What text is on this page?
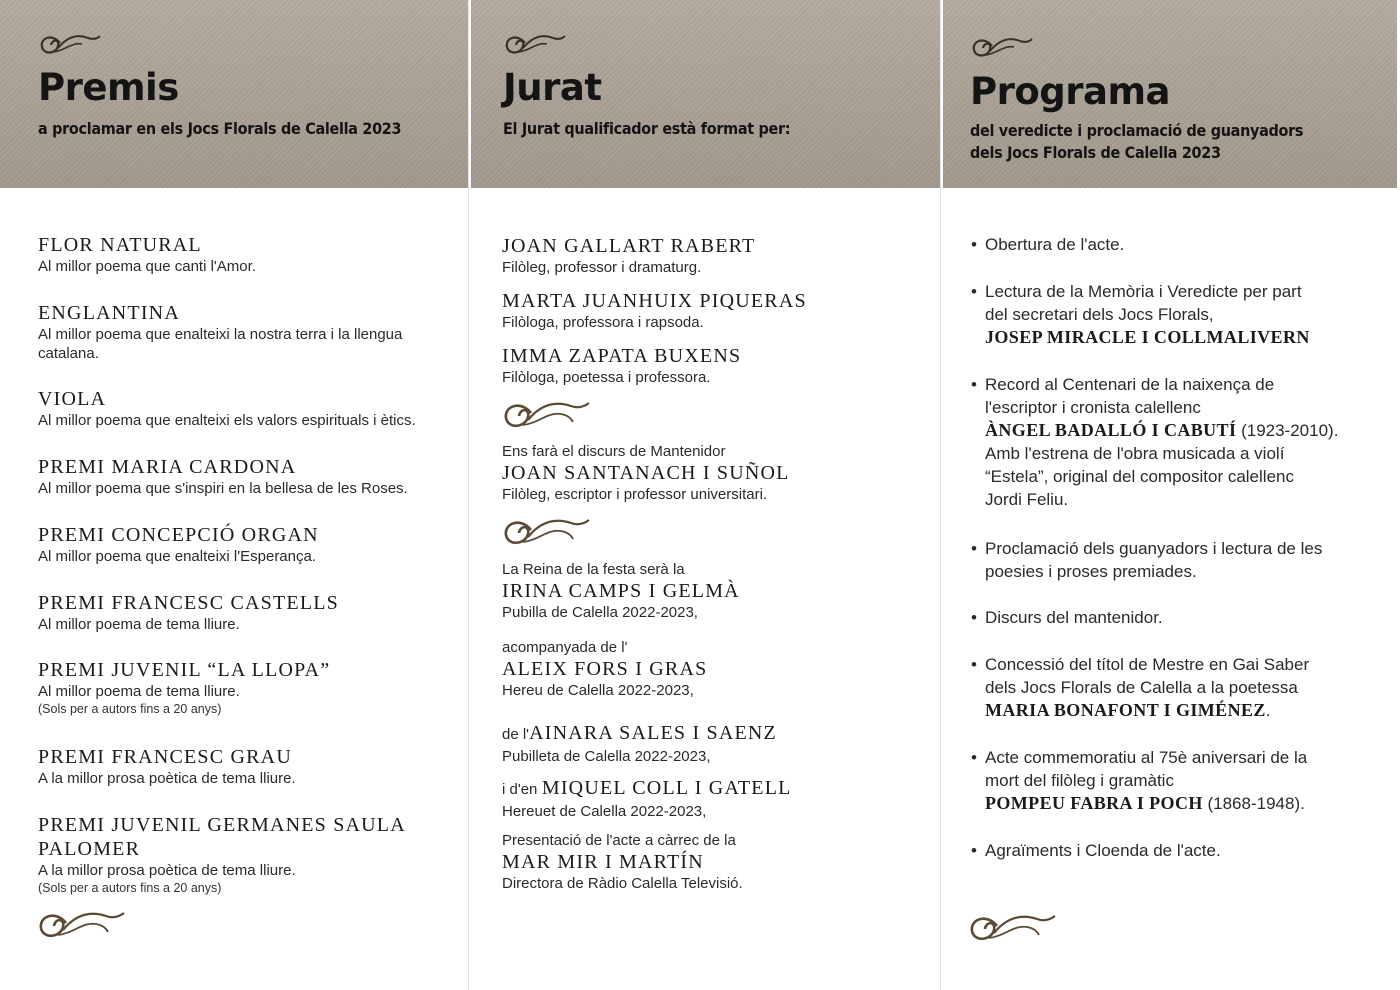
Premis

a proclamar en els Jocs Florals de Calella 2023

FLOR NATURAL
Al millor poema que canti l'Amor.
ENGLANTINA
Al millor poema que enalteixi la nostra terra i la llengua catalana.
VIOLA
Al millor poema que enalteixi els valors espirituals i ètics.
PREMI MARIA CARDONA
Al millor poema que s'inspiri en la bellesa de les Roses.
PREMI CONCEPCIÓ ORGAN
Al millor poema que enalteixi l'Esperança.
PREMI FRANCESC CASTELLS
Al millor poema de tema lliure.
PREMI JUVENIL “LA LLOPA”
Al millor poema de tema lliure.
(Sols per a autors fins a 20 anys)
PREMI FRANCESC GRAU
A la millor prosa poètica de tema lliure.
PREMI JUVENIL GERMANES SAULA PALOMER
A la millor prosa poètica de tema lliure.
(Sols per a autors fins a 20 anys)
Jurat

El Jurat qualificador està format per:

JOAN GALLART RABERT
Filòleg, professor i dramaturg.
MARTA JUANHUIX PIQUERAS
Filòloga, professora i rapsoda.
IMMA ZAPATA BUXENS
Filòloga, poetessa i professora.
Ens farà el discurs de Mantenidor
JOAN SANTANACH I SUÑOL
Filòleg, escriptor i professor universitari.
La Reina de la festa serà la
IRINA CAMPS I GELMÀ
Pubilla de Calella 2022-2023,
acompanyada de l'
ALEIX FORS I GRAS
Hereu de Calella 2022-2023,
de l'AINARA SALES I SAENZ
Pubilleta de Calella 2022-2023,
i d'en MIQUEL COLL I GATELL
Hereuet de Calella 2022-2023,
Presentació de l'acte a càrrec de la
MAR MIR I MARTÍN
Directora de Ràdio Calella Televisió.
Programa

del veredicte i proclamació de guanyadors
dels Jocs Florals de Calella 2023

• Obertura de l'acte.
• Lectura de la Memòria i Veredicte per part
del secretari dels Jocs Florals,
JOSEP MIRACLE I COLLMALIVERN
• Record al Centenari de la naixença de
l'escriptor i cronista calellenc
ÀNGEL BADALLÓ I CABUTÍ (1923-2010).
Amb l'estrena de l'obra musicada a violí
“Estela”, original del compositor calellenc
Jordi Feliu.
• Proclamació dels guanyadors i lectura de les
poesies i proses premiades.
• Discurs del mantenidor.
• Concessió del títol de Mestre en Gai Saber
dels Jocs Florals de Calella a la poetessa
MARIA BONAFONT I GIMÉNEZ.
• Acte commemoratiu al 75è aniversari de la
mort del filòleg i gramàtic
POMPEU FABRA I POCH (1868-1948).
• Agraïments i Cloenda de l'acte.
